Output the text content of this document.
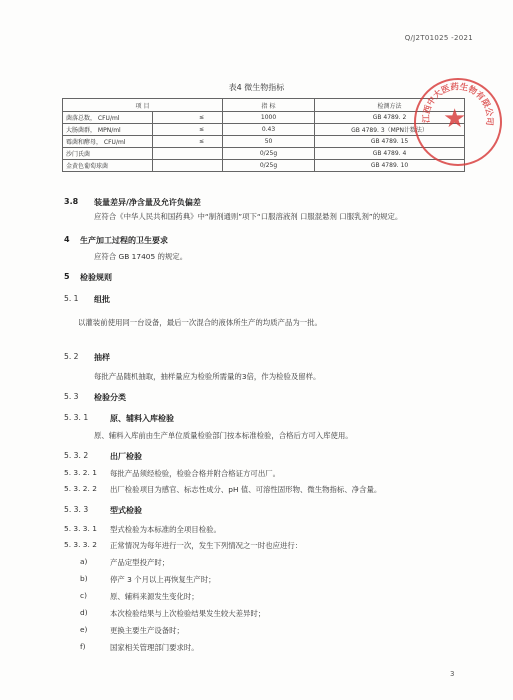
Q/J2T01025 -2021
表4 微生物指标
项 目		指 标	检测方法
菌落总数， CFU/ml	≤	1000	GB 4789. 2
大肠菌群， MPN/ml	≤	0.43	GB 4789. 3（MPN计数法）
霉菌和酵母， CFU/ml	≤	50	GB 4789. 15
沙门氏菌		0/25g	GB 4789. 4
金黄色葡萄球菌		0/25g	GB 4789. 10
江西中大医药生物有限公司
★
3.8 装量差异/净含量及允许负偏差
应符合《中华人民共和国药典》中“制剂通则”项下“口服溶液剂 口服混悬剂 口服乳剂”的规定。
4 生产加工过程的卫生要求
应符合 GB 17405 的规定。
5 检验规则
5. 1 组批
以灌装前使用同一台设备，最后一次混合的液体所生产的均质产品为一批。
5. 2 抽样
每批产品随机抽取，抽样量应为检验所需量的3倍，作为检验及留样。
5. 3 检验分类
5. 3. 1	原、辅料入库检验
原、辅料入库前由生产单位质量检验部门按本标准检验，合格后方可入库使用。
5. 3. 2	出厂检验
5. 3. 2. 1 每批产品须经检验，检验合格并附合格证方可出厂。
5. 3. 2. 2 出厂检验项目为感官、标志性成分、pH 值、可溶性固形物、微生物指标、净含量。
5. 3. 3	型式检验
5. 3. 3. 1 型式检验为本标准的全项目检验。
5. 3. 3. 2 正常情况为每年进行一次，发生下列情况之一时也应进行：
a)	产品定型投产时；
b)	停产 3 个月以上再恢复生产时；
c)	原、辅料来源发生变化时；
d)	本次检验结果与上次检验结果发生较大差异时；
e)	更换主要生产设备时；
f)	国家相关管理部门要求时。
3
